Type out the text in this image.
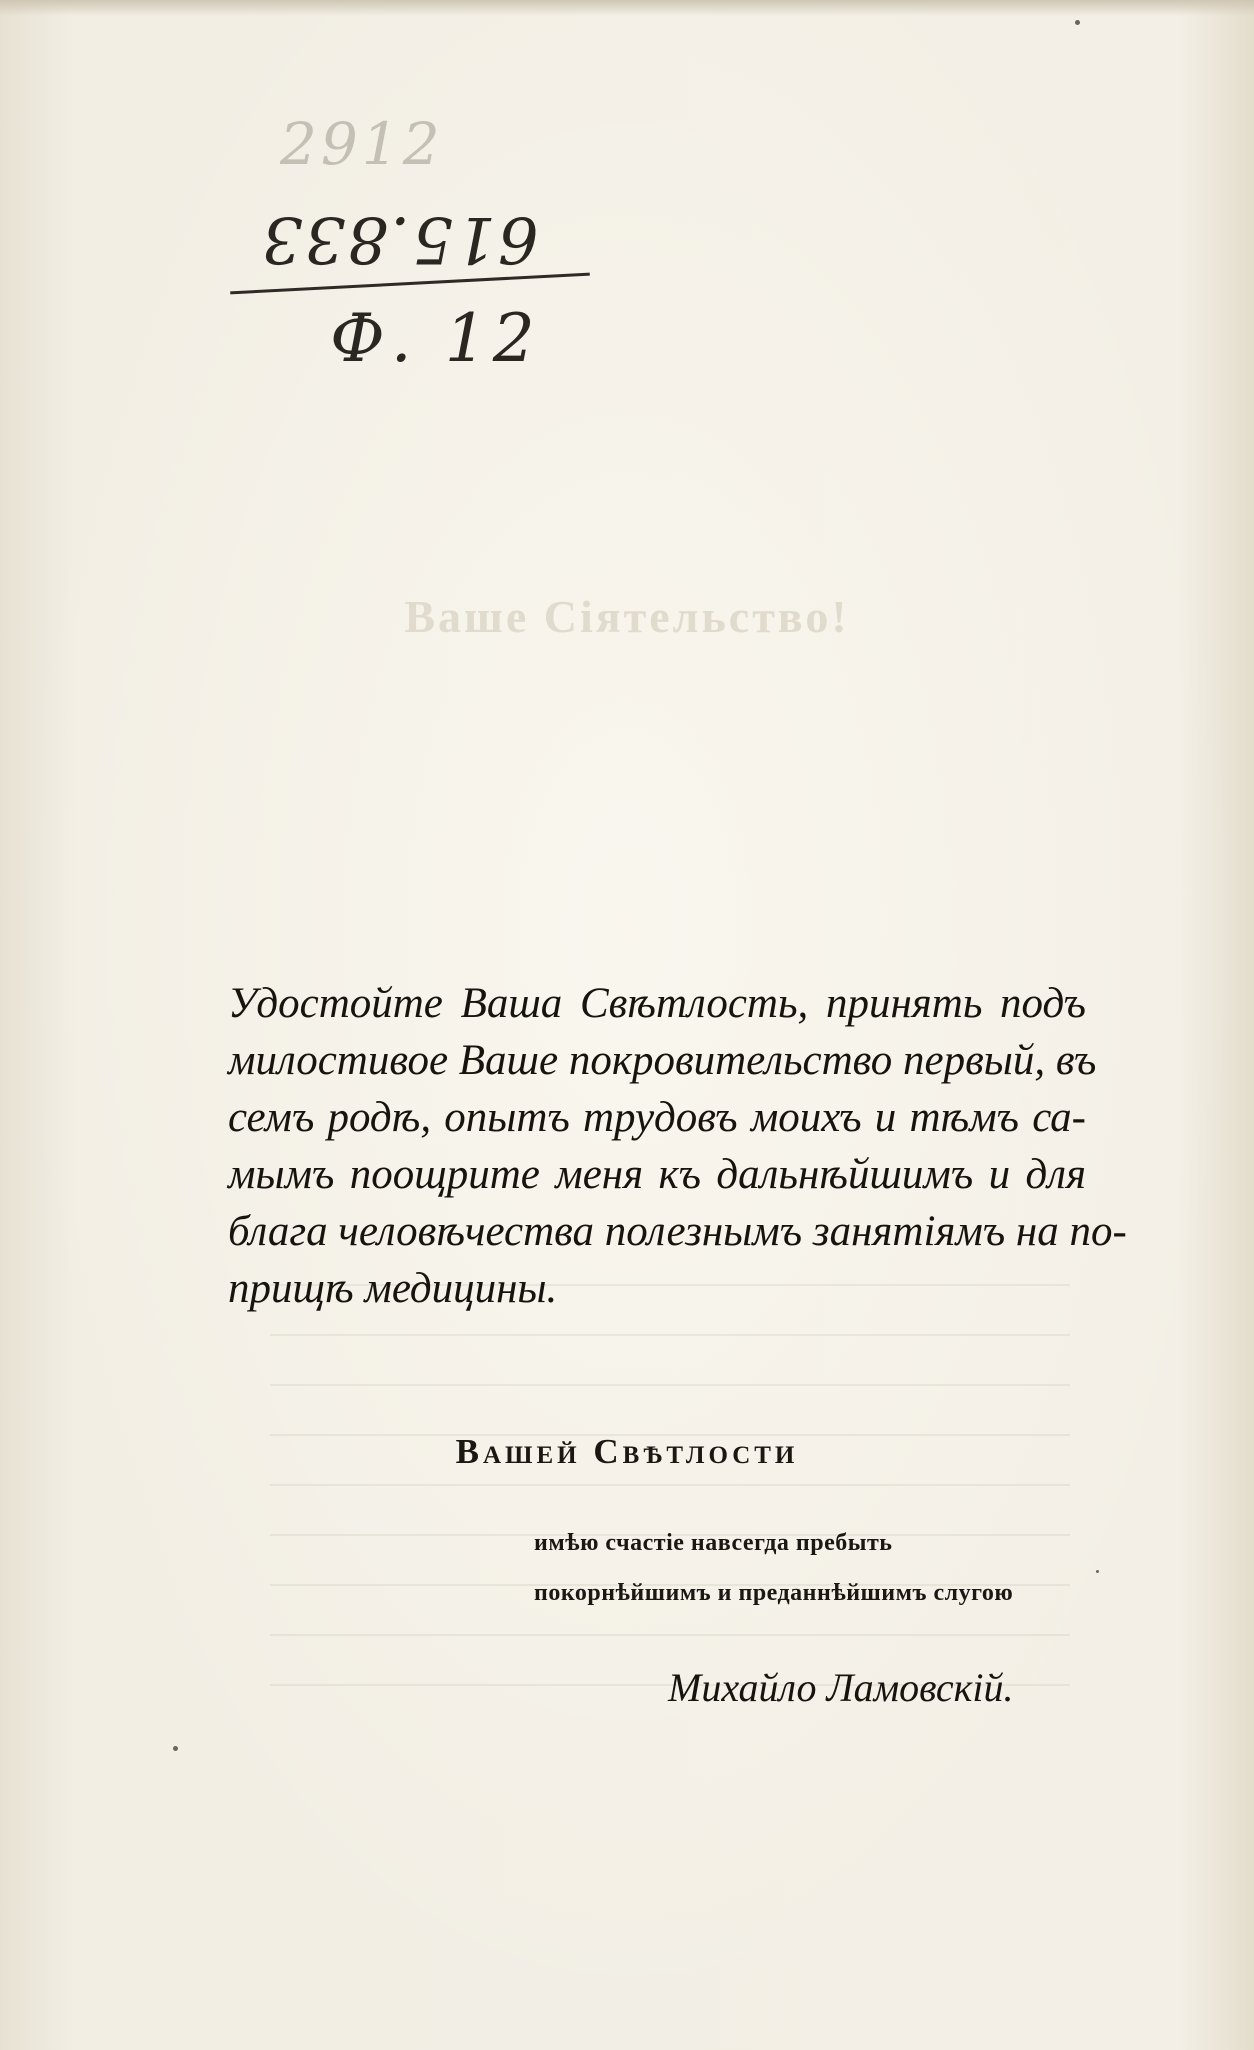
2912
615.833
Ф. 12
Ваше Сіятельство!
Удостойте Ваша Свѣтлость, принять подъ
милостивое Ваше покровительство первый, въ
семъ родѣ, опытъ трудовъ моихъ и тѣмъ са-
мымъ поощрите меня къ дальнѣйшимъ и для
блага человѣчества полезнымъ занятіямъ на по-
прищѣ медицины.
Вашей Свѣтлости
имѣю счастіе навсегда пребыть
покорнѣйшимъ и преданнѣйшимъ слугою
Михайло Ламовскій.
